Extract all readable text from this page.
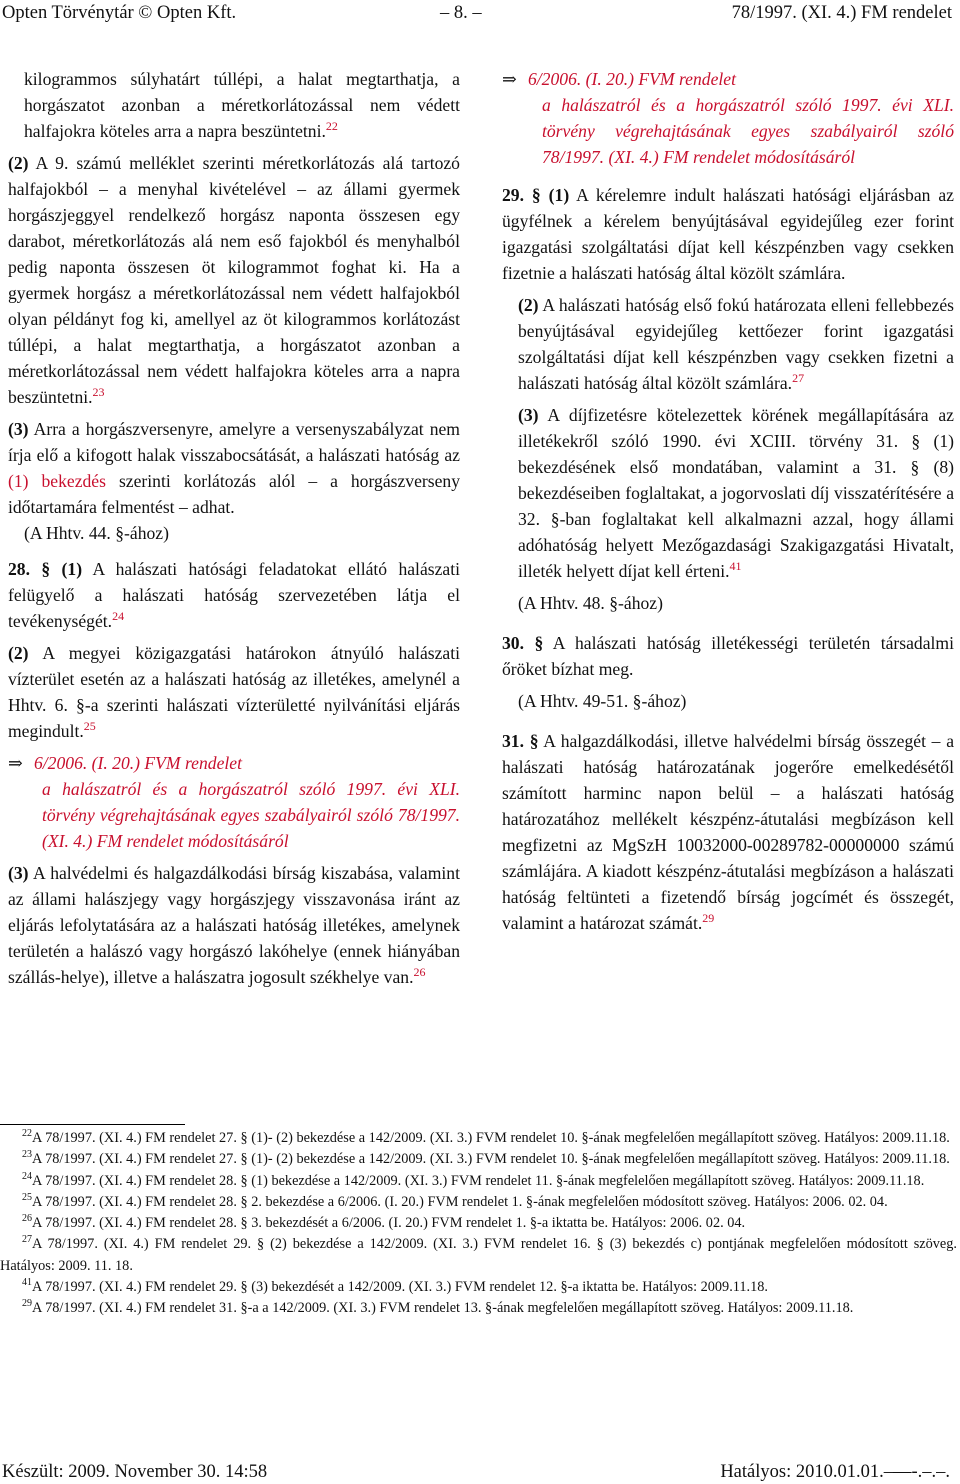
Opten Törvénytár © Opten Kft.	– 8. –	78/1997. (XI. 4.) FM rendelet

kilogrammos súlyhatárt túllépi, a halat megtarthatja, a horgászatot azonban a méretkorlátozással nem védett halfajokra köteles arra a napra beszüntetni.$^{22}$

(2) A 9. számú melléklet szerinti méretkorlátozás alá tartozó halfajokból – a menyhal kivételével – az állami gyermek horgászjeggyel rendelkező horgász naponta összesen egy darabot, méretkorlátozás alá nem eső fajokból és menyhalból pedig naponta összesen öt kilogrammot foghat ki. Ha a gyermek horgász a méretkorlátozással nem védett halfajokból olyan példányt fog ki, amellyel az öt kilogrammos korlátozást túllépi, a halat megtarthatja, a horgászatot azonban a méretkorlátozással nem védett halfajokra köteles arra a napra beszüntetni.$^{23}$

(3) Arra a horgászversenyre, amelyre a versenyszabályzat nem írja elő a kifogott halak visszabocsátását, a halászati hatóság az (1) bekezdés szerinti korlátozás alól – a horgászverseny időtartamára felmentést – adhat.

(A Hhtv. 44. §-ához)

28. § (1) A halászati hatósági feladatokat ellátó halászati felügyelő a halászati hatóság szervezetében látja el tevékenységét.$^{24}$

(2) A megyei közigazgatási határokon átnyúló halászati vízterület esetén az a halászati hatóság az illetékes, amelynél a Hhtv. 6. §-a szerinti halászati vízterületté nyilvánítási eljárás megindult.$^{25}$

⇒ 6/2006. (I. 20.) FVM rendelet

a halászatról és a horgászatról szóló 1997. évi XLI. törvény végrehajtásának egyes szabályairól szóló 78/1997. (XI. 4.) FM rendelet módosításáról

(3) A halvédelmi és halgazdálkodási bírság kiszabása, valamint az állami halászjegy vagy horgászjegy visszavonása iránt az eljárás lefolytatására az a halászati hatóság illetékes, amelynek területén a halászó vagy horgászó lakóhelye (ennek hiányában szállás-helye), illetve a halászatra jogosult székhelye van.$^{26}$

⇒ 6/2006. (I. 20.) FVM rendelet

a halászatról és a horgászatról szóló 1997. évi XLI. törvény végrehajtásának egyes szabályairól szóló 78/1997. (XI. 4.) FM rendelet módosításáról

29. § (1) A kérelemre indult halászati hatósági eljárásban az ügyfélnek a kérelem benyújtásával egyidejűleg ezer forint igazgatási szolgáltatási díjat kell készpénzben vagy csekken fizetnie a halászati hatóság által közölt számlára.

(2) A halászati hatóság első fokú határozata elleni fellebbezés benyújtásával egyidejűleg kettőezer forint igazgatási szolgáltatási díjat kell készpénzben vagy csekken fizetni a halászati hatóság által közölt számlára.$^{27}$

(3) A díjfizetésre kötelezettek körének megállapítására az illetékekről szóló 1990. évi XCIII. törvény 31. § (1) bekezdésének első mondatában, valamint a 31. § (8) bekezdéseiben foglaltakat, a jogorvoslati díj visszatérítésére a 32. §-ban foglaltakat kell alkalmazni azzal, hogy állami adóhatóság helyett Mezőgazdasági Szakigazgatási Hivatalt, illeték helyett díjat kell érteni.$^{41}$

(A Hhtv. 48. §-ához)

30. § A halászati hatóság illetékességi területén társadalmi őröket bízhat meg.

(A Hhtv. 49-51. §-ához)

31. § A halgazdálkodási, illetve halvédelmi bírság összegét – a halászati hatóság határozatának jogerőre emelkedésétől számított harminc napon belül – a halászati hatóság határozatához mellékelt készpénz-átutalási megbízáson kell megfizetni az MgSzH 10032000-00289782-00000000 számú számlájára. A kiadott készpénz-átutalási megbízáson a halászati hatóság feltünteti a fizetendő bírság jogcímét és összegét, valamint a határozat számát.$^{29}$

$^{22}$A 78/1997. (XI. 4.) FM rendelet 27. § (1)- (2) bekezdése a 142/2009. (XI. 3.) FVM rendelet 10. §-ának megfelelően megállapított szöveg. Hatályos: 2009.11.18.

$^{23}$A 78/1997. (XI. 4.) FM rendelet 27. § (1)- (2) bekezdése a 142/2009. (XI. 3.) FVM rendelet 10. §-ának megfelelően megállapított szöveg. Hatályos: 2009.11.18.

$^{24}$A 78/1997. (XI. 4.) FM rendelet 28. § (1) bekezdése a 142/2009. (XI. 3.) FVM rendelet 11. §-ának megfelelően megállapított szöveg. Hatályos: 2009.11.18.

$^{25}$A 78/1997. (XI. 4.) FM rendelet 28. § 2. bekezdése a 6/2006. (I. 20.) FVM rendelet 1. §-ának megfelelően módosított szöveg. Hatályos: 2006. 02. 04.

$^{26}$A 78/1997. (XI. 4.) FM rendelet 28. § 3. bekezdését a 6/2006. (I. 20.) FVM rendelet 1. §-a iktatta be. Hatályos: 2006. 02. 04.

$^{27}$A 78/1997. (XI. 4.) FM rendelet 29. § (2) bekezdése a 142/2009. (XI. 3.) FVM rendelet 16. § (3) bekezdés c) pontjának megfelelően módosított szöveg. Hatályos: 2009. 11. 18.

$^{41}$A 78/1997. (XI. 4.) FM rendelet 29. § (3) bekezdését a 142/2009. (XI. 3.) FVM rendelet 12. §-a iktatta be. Hatályos: 2009.11.18.

$^{29}$A 78/1997. (XI. 4.) FM rendelet 31. §-a a 142/2009. (XI. 3.) FVM rendelet 13. §-ának megfelelően megállapított szöveg. Hatályos: 2009.11.18.

Készült: 2009. November 30. 14:58	Hatályos: 2010.01.01.–—-.–.–.
